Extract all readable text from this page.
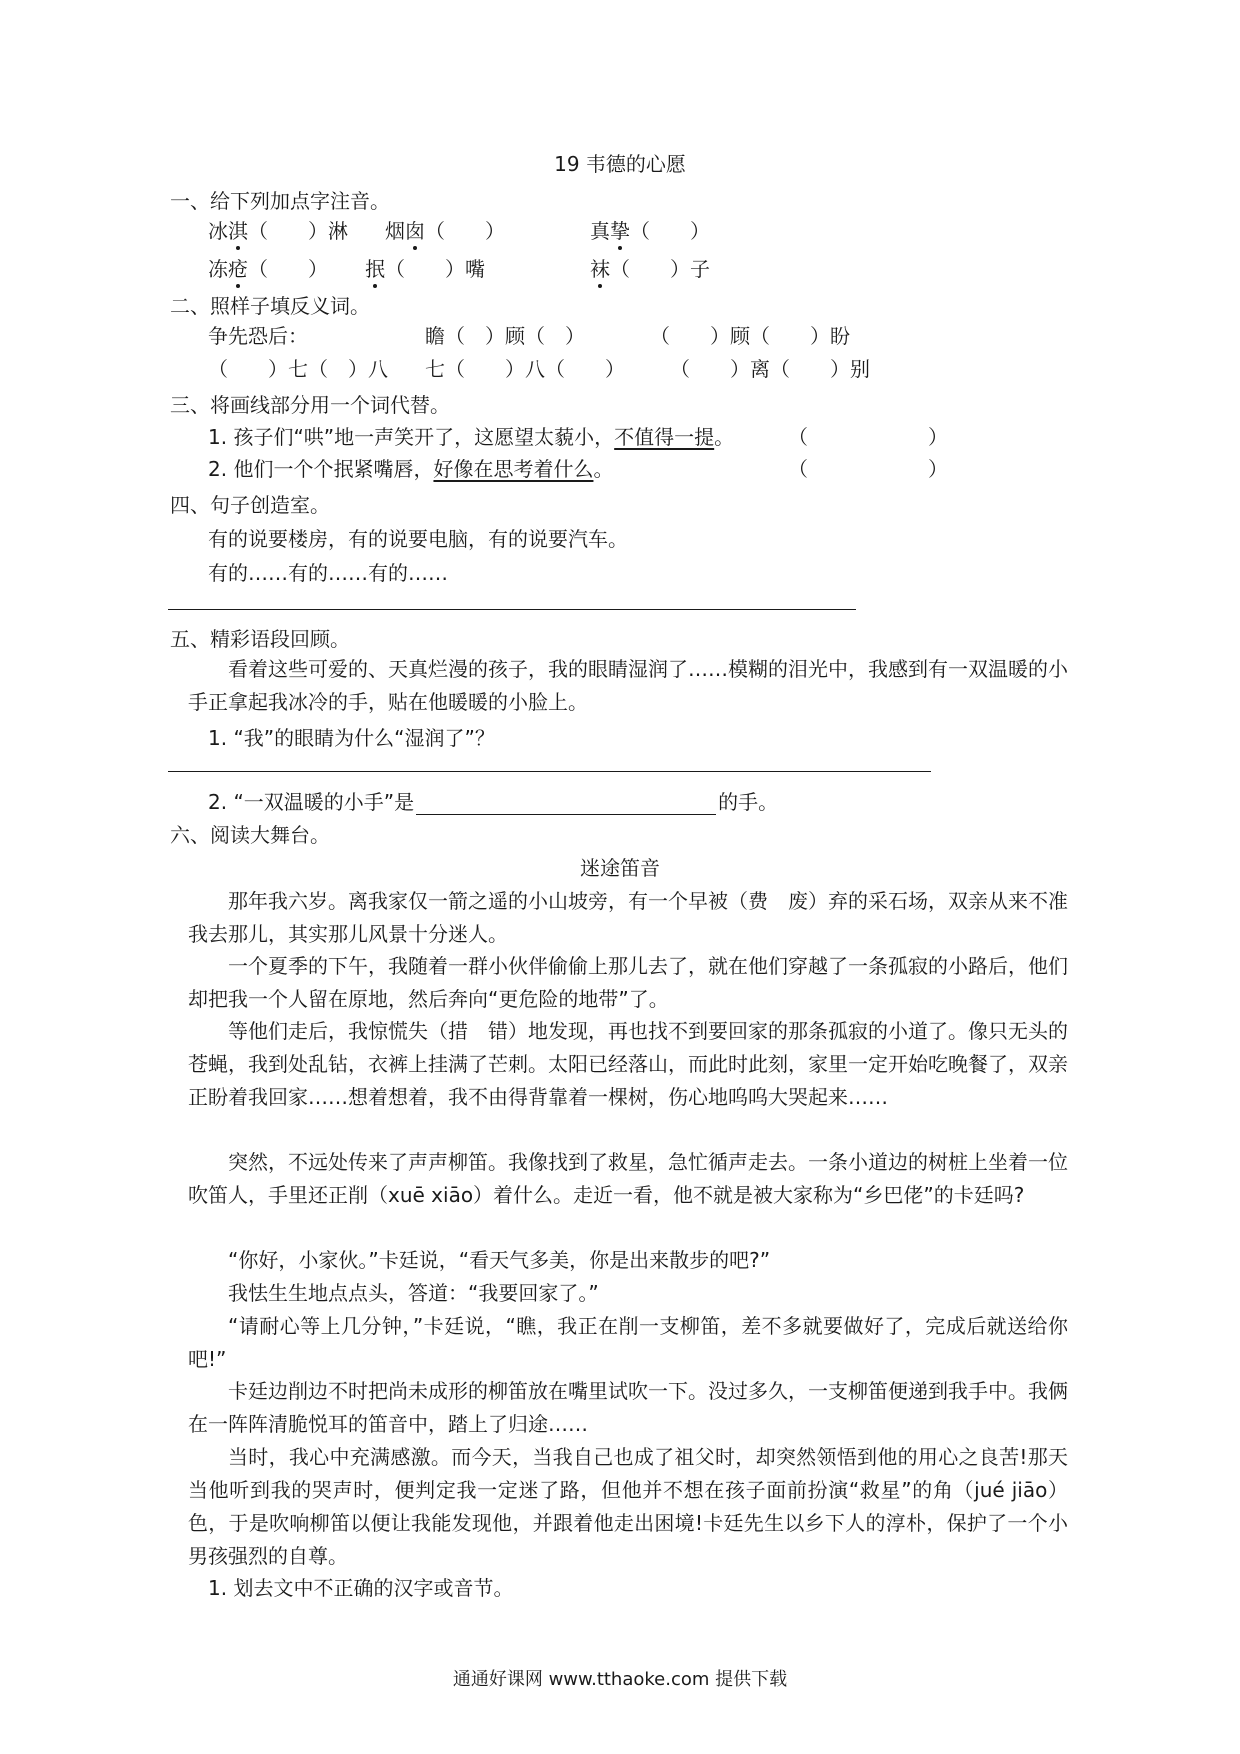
19 韦德的心愿
一、给下列加点字注音。
冰淇（　　）淋 烟囱（　　）	真挚（　　）
冻疮（　　） 抿（　　）嘴	袜（　　）子
二、照样子填反义词。
争先恐后：	瞻（　）顾（　）	（　　）顾（　　）盼
（　　）七（　）八 七（　　）八（　　） （　　）离（　　）别
三、将画线部分用一个词代替。
1. 孩子们“哄”地一声笑开了，这愿望太藐小，不值得一提。	（　　　　　　）
2. 他们一个个抿紧嘴唇，好像在思考着什么。	（　　　　　　）
四、句子创造室。
有的说要楼房，有的说要电脑，有的说要汽车。
有的……有的……有的……
五、精彩语段回顾。
看着这些可爱的、天真烂漫的孩子，我的眼睛湿润了……模糊的泪光中，我感到有一双温暖的小手正拿起我冰冷的手，贴在他暖暖的小脸上。
1. “我”的眼睛为什么“湿润了”？
2. “一双温暖的小手”是	的手。
六、阅读大舞台。
迷途笛音
那年我六岁。离我家仅一箭之遥的小山坡旁，有一个早被（费　废）弃的采石场，双亲从来不准我去那儿，其实那儿风景十分迷人。
一个夏季的下午，我随着一群小伙伴偷偷上那儿去了，就在他们穿越了一条孤寂的小路后，他们却把我一个人留在原地，然后奔向“更危险的地带”了。
等他们走后，我惊慌失（措　错）地发现，再也找不到要回家的那条孤寂的小道了。像只无头的苍蝇，我到处乱钻，衣裤上挂满了芒刺。太阳已经落山，而此时此刻，家里一定开始吃晚餐了，双亲正盼着我回家……想着想着，我不由得背靠着一棵树，伤心地呜呜大哭起来……
突然，不远处传来了声声柳笛。我像找到了救星，急忙循声走去。一条小道边的树桩上坐着一位吹笛人，手里还正削（xuē xiāo）着什么。走近一看，他不就是被大家称为“乡巴佬”的卡廷吗?
“你好，小家伙。”卡廷说，“看天气多美，你是出来散步的吧?”
我怯生生地点点头，答道：“我要回家了。”
“请耐心等上几分钟，”卡廷说，“瞧，我正在削一支柳笛，差不多就要做好了，完成后就送给你吧!”
卡廷边削边不时把尚未成形的柳笛放在嘴里试吹一下。没过多久，一支柳笛便递到我手中。我俩在一阵阵清脆悦耳的笛音中，踏上了归途……
当时，我心中充满感激。而今天，当我自己也成了祖父时，却突然领悟到他的用心之良苦!那天当他听到我的哭声时，便判定我一定迷了路，但他并不想在孩子面前扮演“救星”的角（jué jiāo）色，于是吹响柳笛以便让我能发现他，并跟着他走出困境!卡廷先生以乡下人的淳朴，保护了一个小男孩强烈的自尊。
1. 划去文中不正确的汉字或音节。
通通好课网 www.tthaoke.com 提供下载
